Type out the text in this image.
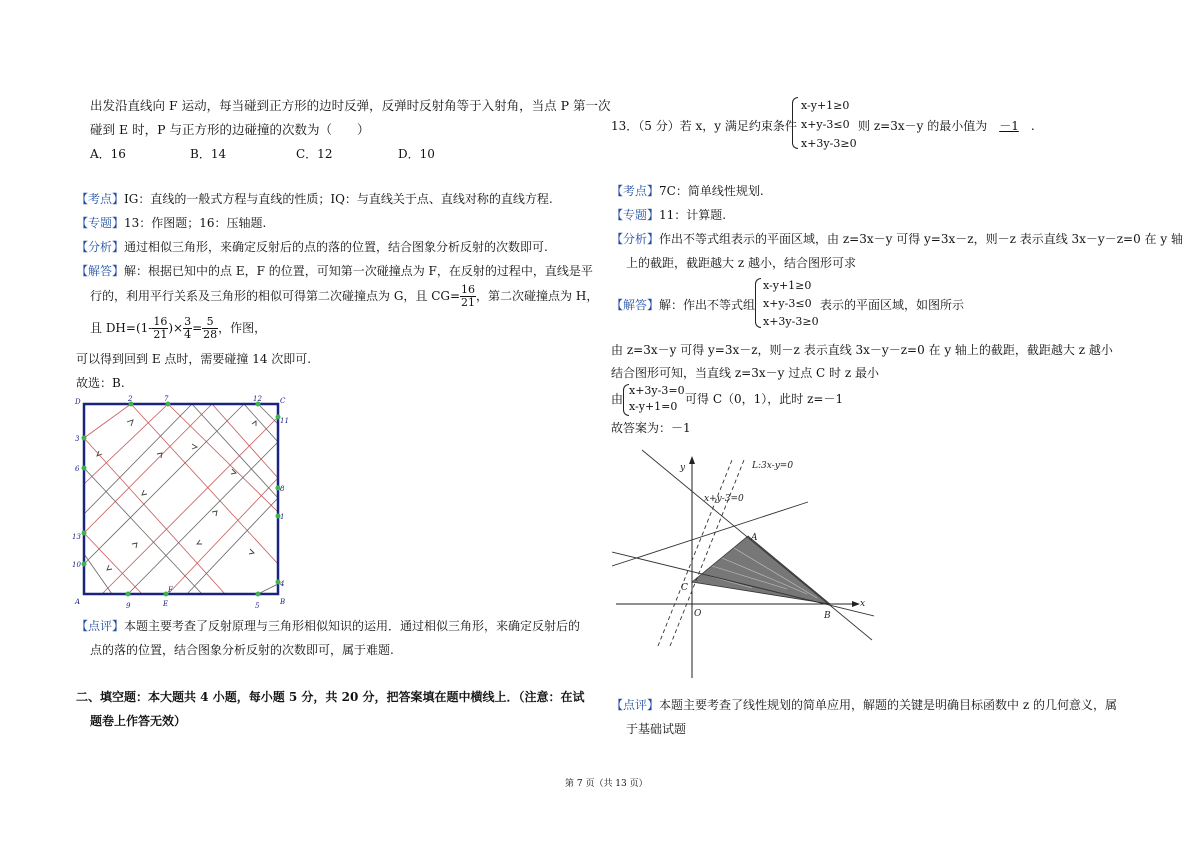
出发沿直线向 F 运动，每当碰到正方形的边时反弹，反弹时反射角等于入射角，当点 P 第一次
碰到 E 时，P 与正方形的边碰撞的次数为（　　）
A．16	B．14	C．12	D．10
【考点】IG：直线的一般式方程与直线的性质；IQ：与直线关于点、直线对称的直线方程.
【专题】13：作图题；16：压轴题.
【分析】通过相似三角形，来确定反射后的点的落的位置，结合图象分析反射的次数即可.
【解答】解：根据已知中的点 E，F 的位置，可知第一次碰撞点为 F，在反射的过程中，直线是平
行的，利用平行关系及三角形的相似可得第二次碰撞点为 G，且 $CG= \frac{16}{21}$ ，第二次碰撞点为 H，
且 $DH=(1- \frac{16}{21}$ )× $\frac{3}{4} = \frac{5}{28}$ ，作图，
可以得到回到 E 点时，需要碰撞 14 次即可.
故选：B.
D	C
A	B
E
F
2	7	12
3
6
13
10
11
8
1
4
9	5
【点评】本题主要考查了反射原理与三角形相似知识的运用．通过相似三角形，来确定反射后的
点的落的位置，结合图象分析反射的次数即可，属于难题.
二、填空题：本大题共 4 小题，每小题 5 分，共 20 分，把答案填在题中横线上．（注意：在试
题卷上作答无效）
13．（5 分）若 x，y 满足约束条件
x-y+1≥0
x+y-3≤0
x+3y-3≥0
则 z=3x－y 的最小值为 －1 .
【考点】7C：简单线性规划.
【专题】11：计算题.
【分析】作出不等式组表示的平面区域，由 z=3x－y 可得 y=3x－z，则－z 表示直线 3x－y－z=0 在 y 轴
上的截距，截距越大 z 越小，结合图形可求
【解答】解：作出不等式组
x-y+1≥0
x+y-3≤0
x+3y-3≥0
表示的平面区域，如图所示
由 z=3x－y 可得 y=3x－z，则－z 表示直线 3x－y－z=0 在 y 轴上的截距，截距越大 z 越小
结合图形可知，当直线 z=3x－y 过点 C 时 z 最小
由
x+3y-3=0
x-y+1=0
可得 C（0，1），此时 z=－1
故答案为：－1
y
x
O
A
B
C
L:3x-y=0
x+y-3=0
【点评】本题主要考查了线性规划的简单应用，解题的关键是明确目标函数中 z 的几何意义，属
于基础试题
第 7 页（共 13 页）
